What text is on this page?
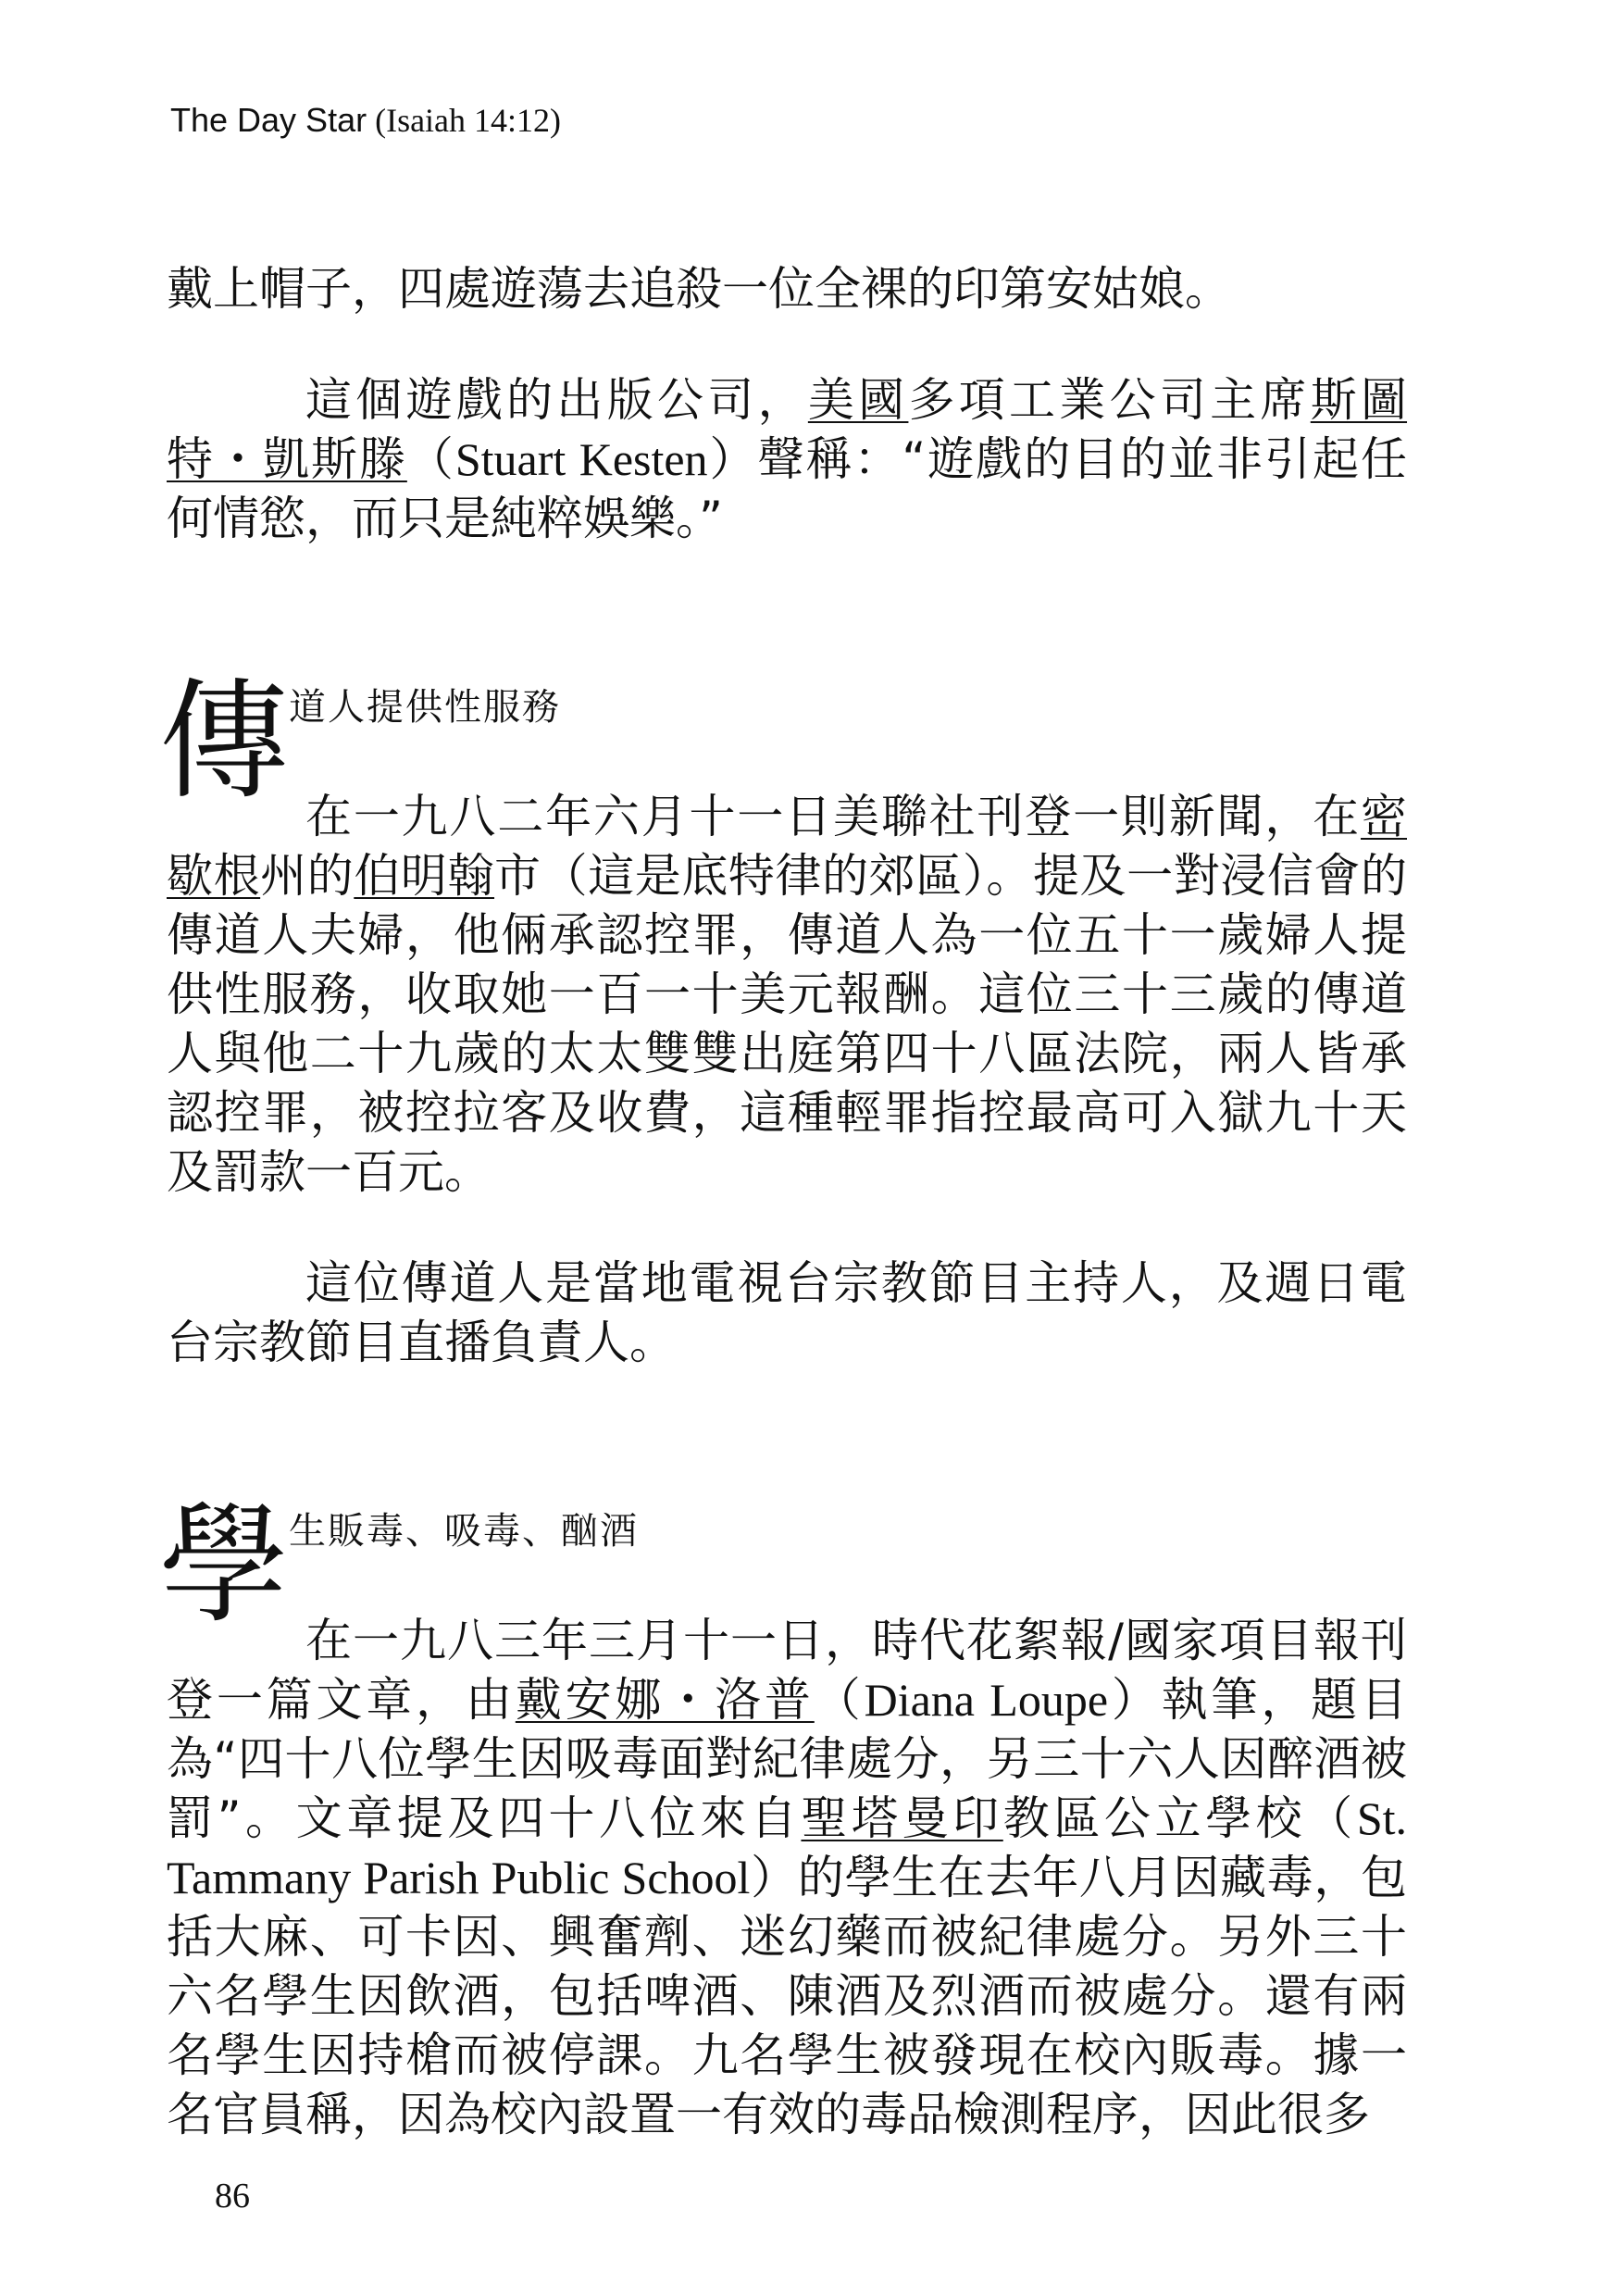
The Day Star (Isaiah 14:12)

戴上帽子，四處遊蕩去追殺一位全裸的印第安姑娘。

這個遊戲的出版公司，美國多項工業公司主席斯圖特・凱斯滕（Stuart Kesten）聲稱：“遊戲的目的並非引起任何情慾，而只是純粹娛樂。”

傳 道人提供性服務

在一九八二年六月十一日美聯社刊登一則新聞，在密歇根州的伯明翰市（這是底特律的郊區）。提及一對浸信會的傳道人夫婦，他倆承認控罪，傳道人為一位五十一歲婦人提供性服務，收取她一百一十美元報酬。這位三十三歲的傳道人與他二十九歲的太太雙雙出庭第四十八區法院，兩人皆承認控罪，被控拉客及收費，這種輕罪指控最高可入獄九十天及罰款一百元。

這位傳道人是當地電視台宗教節目主持人，及週日電台宗教節目直播負責人。

學 生販毒、吸毒、酗酒

在一九八三年三月十一日，時代花絮報/國家項目報刊登一篇文章，由戴安娜・洛普（Diana Loupe）執筆，題目為“四十八位學生因吸毒面對紀律處分，另三十六人因醉酒被罰”。文章提及四十八位來自聖塔曼印教區公立學校（St. Tammany Parish Public School）的學生在去年八月因藏毒，包括大麻、可卡因、興奮劑、迷幻藥而被紀律處分。另外三十六名學生因飲酒，包括啤酒、陳酒及烈酒而被處分。還有兩名學生因持槍而被停課。九名學生被發現在校內販毒。據一名官員稱，因為校內設置一有效的毒品檢測程序，因此很多

86
